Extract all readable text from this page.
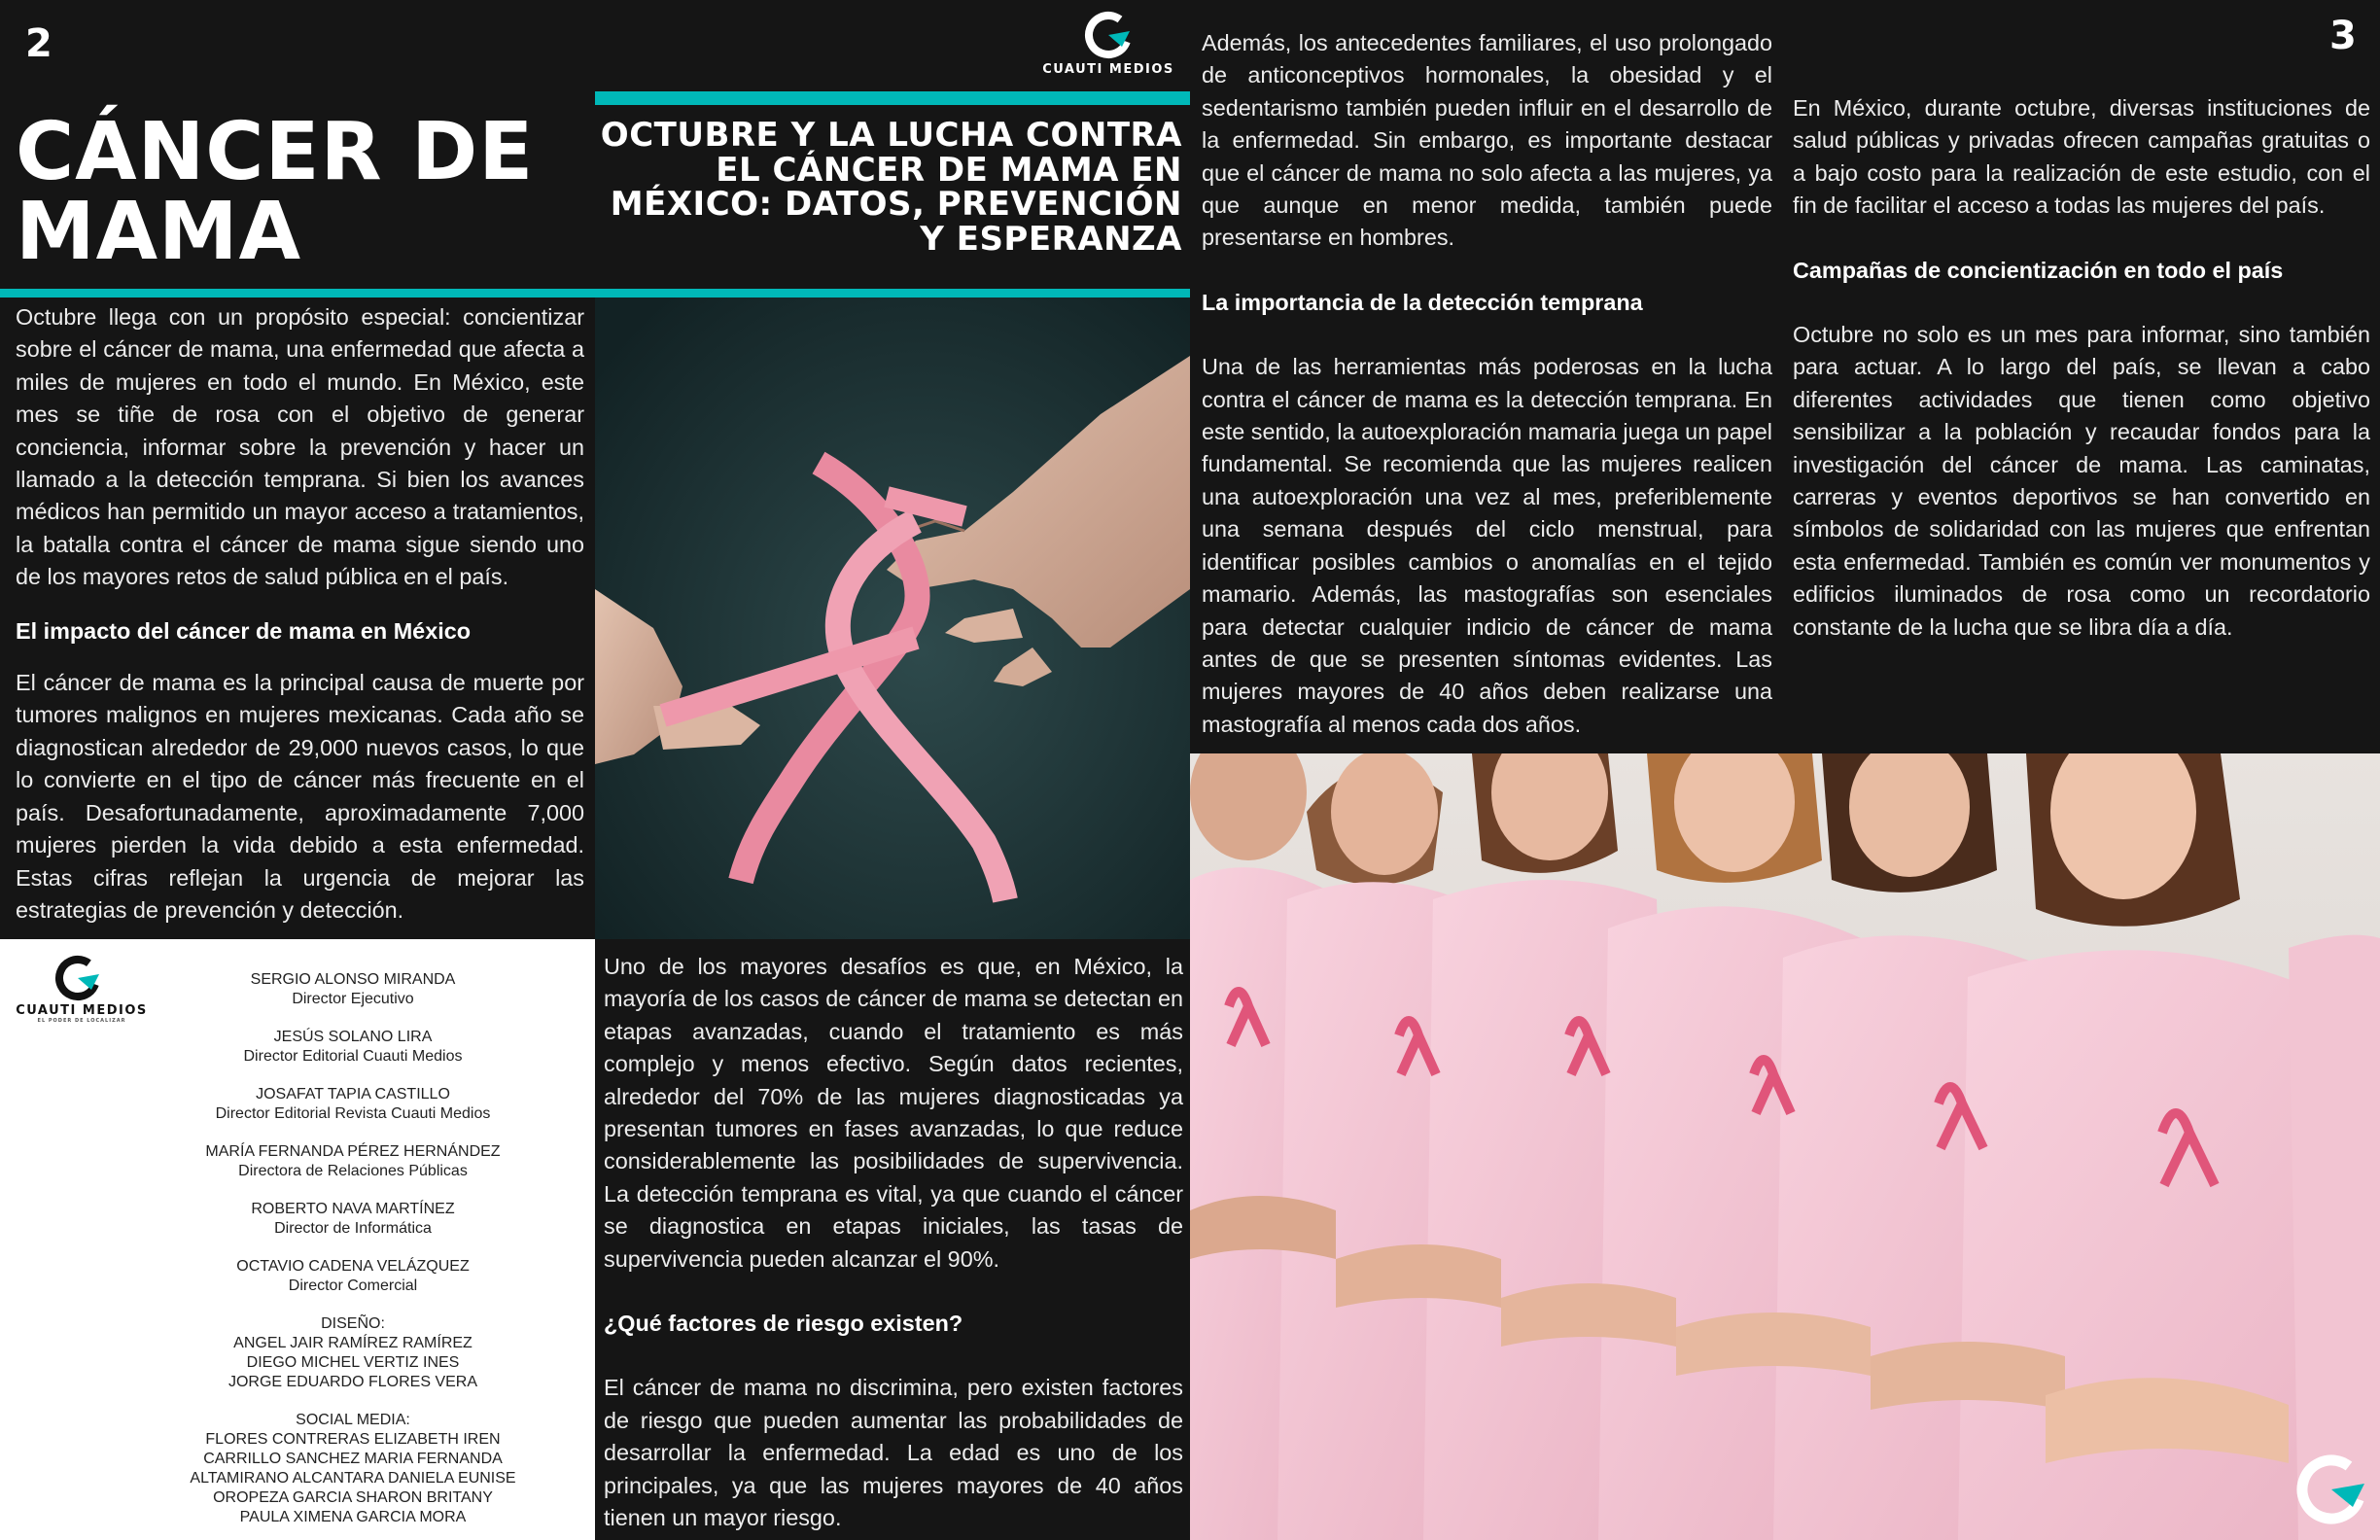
2
CÁNCER DE
MAMA
CUAUTI MEDIOS
OCTUBRE Y LA LUCHA CONTRA
EL CÁNCER DE MAMA EN
MÉXICO: DATOS, PREVENCIÓN
Y ESPERANZA

Octubre llega con un propósito especial: concientizar sobre el cáncer de mama, una enfermedad que afecta a miles de mujeres en todo el mundo. En México, este mes se tiñe de rosa con el objetivo de generar conciencia, informar sobre la prevención y hacer un llamado a la detección temprana. Si bien los avances médicos han permitido un mayor acceso a tratamientos, la batalla contra el cáncer de mama sigue siendo uno de los mayores retos de salud pública en el país.

El impacto del cáncer de mama en México

El cáncer de mama es la principal causa de muerte por tumores malignos en mujeres mexicanas. Cada año se diagnostican alrededor de 29,000 nuevos casos, lo que lo convierte en el tipo de cáncer más frecuente en el país. Desafortunadamente, aproximadamente 7,000 mujeres pierden la vida debido a esta enfermedad. Estas cifras reflejan la urgencia de mejorar las estrategias de prevención y detección.

CUAUTI MEDIOS
EL PODER DE LOCALIZAR
SERGIO ALONSO MIRANDA
Director Ejecutivo
JESÚS SOLANO LIRA
Director Editorial Cuauti Medios
JOSAFAT TAPIA CASTILLO
Director Editorial Revista Cuauti Medios
MARÍA FERNANDA PÉREZ HERNÁNDEZ
Directora de Relaciones Públicas
ROBERTO NAVA MARTÍNEZ
Director de Informática
OCTAVIO CADENA VELÁZQUEZ
Director Comercial
DISEÑO:
ANGEL JAIR RAMÍREZ RAMÍREZ
DIEGO MICHEL VERTIZ INES
JORGE EDUARDO FLORES VERA
SOCIAL MEDIA:
FLORES CONTRERAS ELIZABETH IREN
CARRILLO SANCHEZ MARIA FERNANDA
ALTAMIRANO ALCANTARA DANIELA EUNISE
OROPEZA GARCIA SHARON BRITANY
PAULA XIMENA GARCIA MORA

Uno de los mayores desafíos es que, en México, la mayoría de los casos de cáncer de mama se detectan en etapas avanzadas, cuando el tratamiento es más complejo y menos efectivo. Según datos recientes, alrededor del 70% de las mujeres diagnosticadas ya presentan tumores en fases avanzadas, lo que reduce considerablemente las posibilidades de supervivencia. La detección temprana es vital, ya que cuando el cáncer se diagnostica en etapas iniciales, las tasas de supervivencia pueden alcanzar el 90%.

¿Qué factores de riesgo existen?

El cáncer de mama no discrimina, pero existen factores de riesgo que pueden aumentar las probabilidades de desarrollar la enfermedad. La edad es uno de los principales, ya que las mujeres mayores de 40 años tienen un mayor riesgo.

3

Además, los antecedentes familiares, el uso prolongado de anticonceptivos hormonales, la obesidad y el sedentarismo también pueden influir en el desarrollo de la enfermedad. Sin embargo, es importante destacar que el cáncer de mama no solo afecta a las mujeres, ya que aunque en menor medida, también puede presentarse en hombres.

La importancia de la detección temprana

Una de las herramientas más poderosas en la lucha contra el cáncer de mama es la detección temprana. En este sentido, la autoexploración mamaria juega un papel fundamental. Se recomienda que las mujeres realicen una autoexploración una vez al mes, preferiblemente una semana después del ciclo menstrual, para identificar posibles cambios o anomalías en el tejido mamario. Además, las mastografías son esenciales para detectar cualquier indicio de cáncer de mama antes de que se presenten síntomas evidentes. Las mujeres mayores de 40 años deben realizarse una mastografía al menos cada dos años.

En México, durante octubre, diversas instituciones de salud públicas y privadas ofrecen campañas gratuitas o a bajo costo para la realización de este estudio, con el fin de facilitar el acceso a todas las mujeres del país.

Campañas de concientización en todo el país

Octubre no solo es un mes para informar, sino también para actuar. A lo largo del país, se llevan a cabo diferentes actividades que tienen como objetivo sensibilizar a la población y recaudar fondos para la investigación del cáncer de mama. Las caminatas, carreras y eventos deportivos se han convertido en símbolos de solidaridad con las mujeres que enfrentan esta enfermedad. También es común ver monumentos y edificios iluminados de rosa como un recordatorio constante de la lucha que se libra día a día.
